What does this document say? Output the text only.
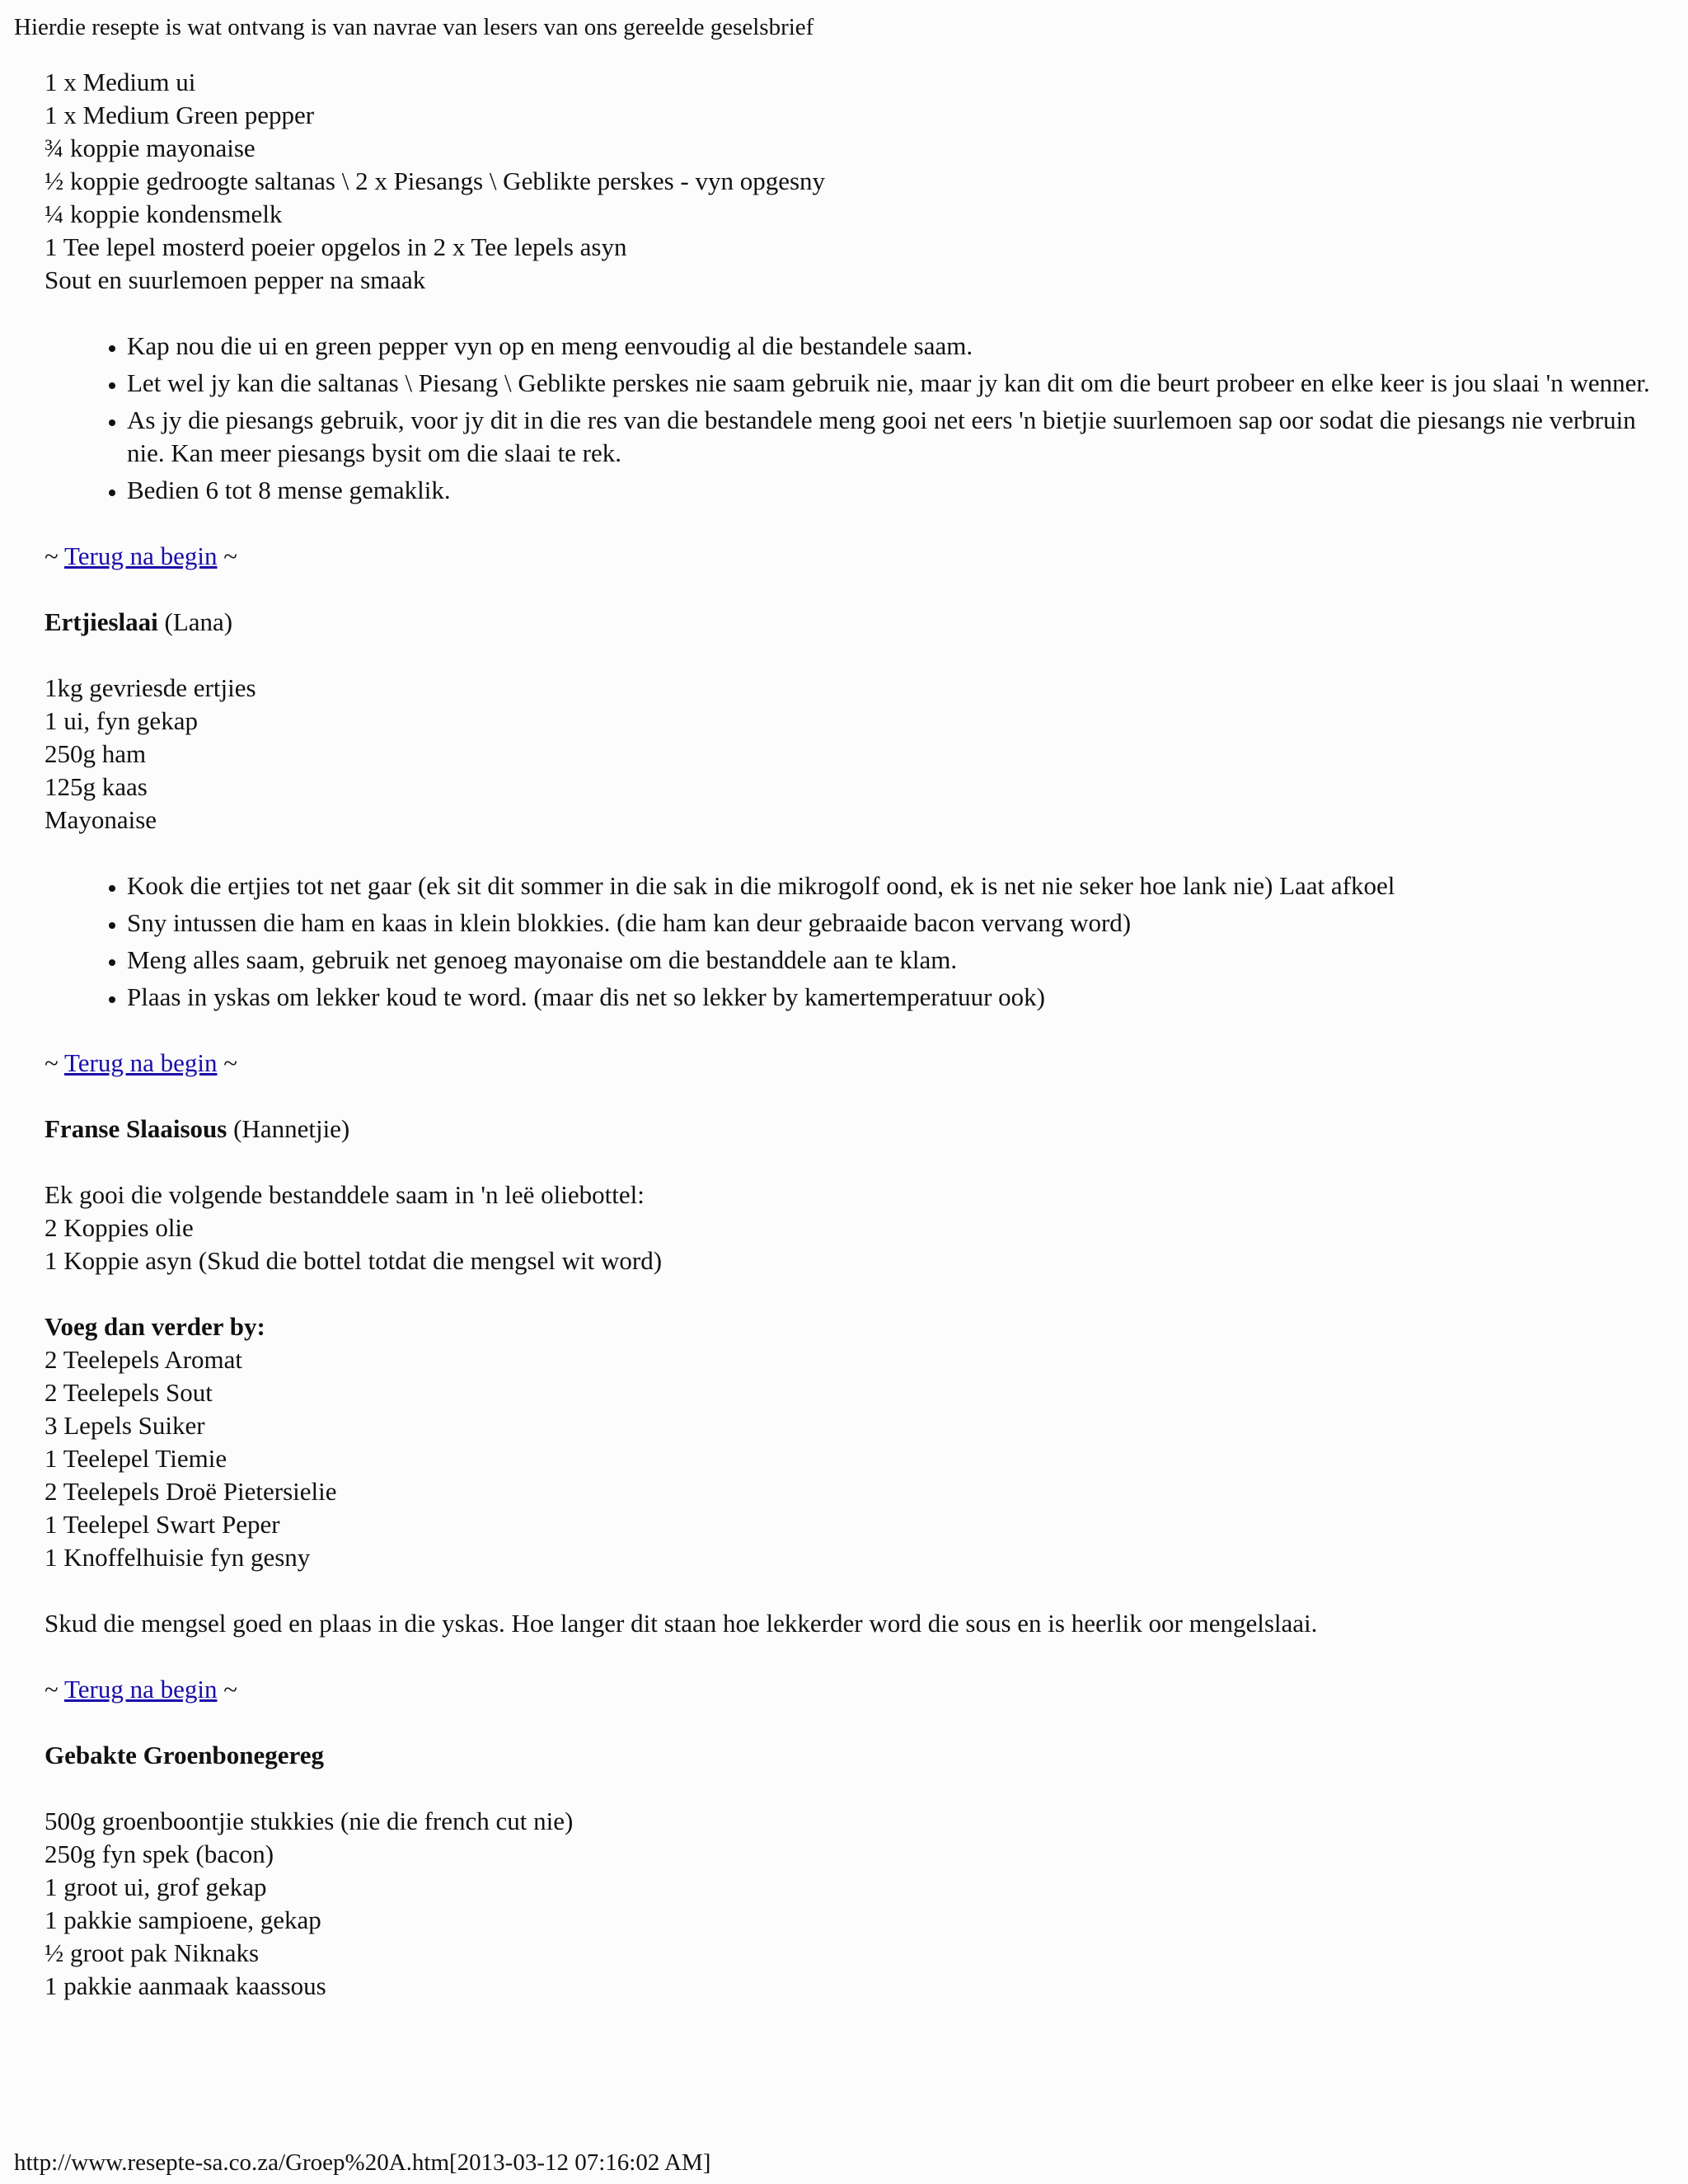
Hierdie resepte is wat ontvang is van navrae van lesers van ons gereelde geselsbrief
1 x Medium ui
1 x Medium Green pepper
¾ koppie mayonaise
½ koppie gedroogte saltanas \ 2 x Piesangs \ Geblikte perskes - vyn opgesny
¼ koppie kondensmelk
1 Tee lepel mosterd poeier opgelos in 2 x Tee lepels asyn
Sout en suurlemoen pepper na smaak
• Kap nou die ui en green pepper vyn op en meng eenvoudig al die bestandele saam.
• Let wel jy kan die saltanas \ Piesang \ Geblikte perskes nie saam gebruik nie, maar jy kan dit om die beurt probeer en elke keer is jou slaai 'n wenner.
• As jy die piesangs gebruik, voor jy dit in die res van die bestandele meng gooi net eers 'n bietjie suurlemoen sap oor sodat die piesangs nie verbruin nie. Kan meer piesangs bysit om die slaai te rek.
• Bedien 6 tot 8 mense gemaklik.
~ Terug na begin ~
Ertjieslaai (Lana)
1kg gevriesde ertjies
1 ui, fyn gekap
250g ham
125g kaas
Mayonaise
• Kook die ertjies tot net gaar (ek sit dit sommer in die sak in die mikrogolf oond, ek is net nie seker hoe lank nie) Laat afkoel
• Sny intussen die ham en kaas in klein blokkies. (die ham kan deur gebraaide bacon vervang word)
• Meng alles saam, gebruik net genoeg mayonaise om die bestanddele aan te klam.
• Plaas in yskas om lekker koud te word. (maar dis net so lekker by kamertemperatuur ook)
~ Terug na begin ~
Franse Slaaisous (Hannetjie)
Ek gooi die volgende bestanddele saam in 'n leë oliebottel:
2 Koppies olie
1 Koppie asyn (Skud die bottel totdat die mengsel wit word)
Voeg dan verder by:
2 Teelepels Aromat
2 Teelepels Sout
3 Lepels Suiker
1 Teelepel Tiemie
2 Teelepels Droë Pietersielie
1 Teelepel Swart Peper
1 Knoffelhuisie fyn gesny
Skud die mengsel goed en plaas in die yskas. Hoe langer dit staan hoe lekkerder word die sous en is heerlik oor mengelslaai.
~ Terug na begin ~
Gebakte Groenbonegereg
500g groenboontjie stukkies (nie die french cut nie)
250g fyn spek (bacon)
1 groot ui, grof gekap
1 pakkie sampioene, gekap
½ groot pak Niknaks
1 pakkie aanmaak kaassous
http://www.resepte-sa.co.za/Groep%20A.htm[2013-03-12 07:16:02 AM]
